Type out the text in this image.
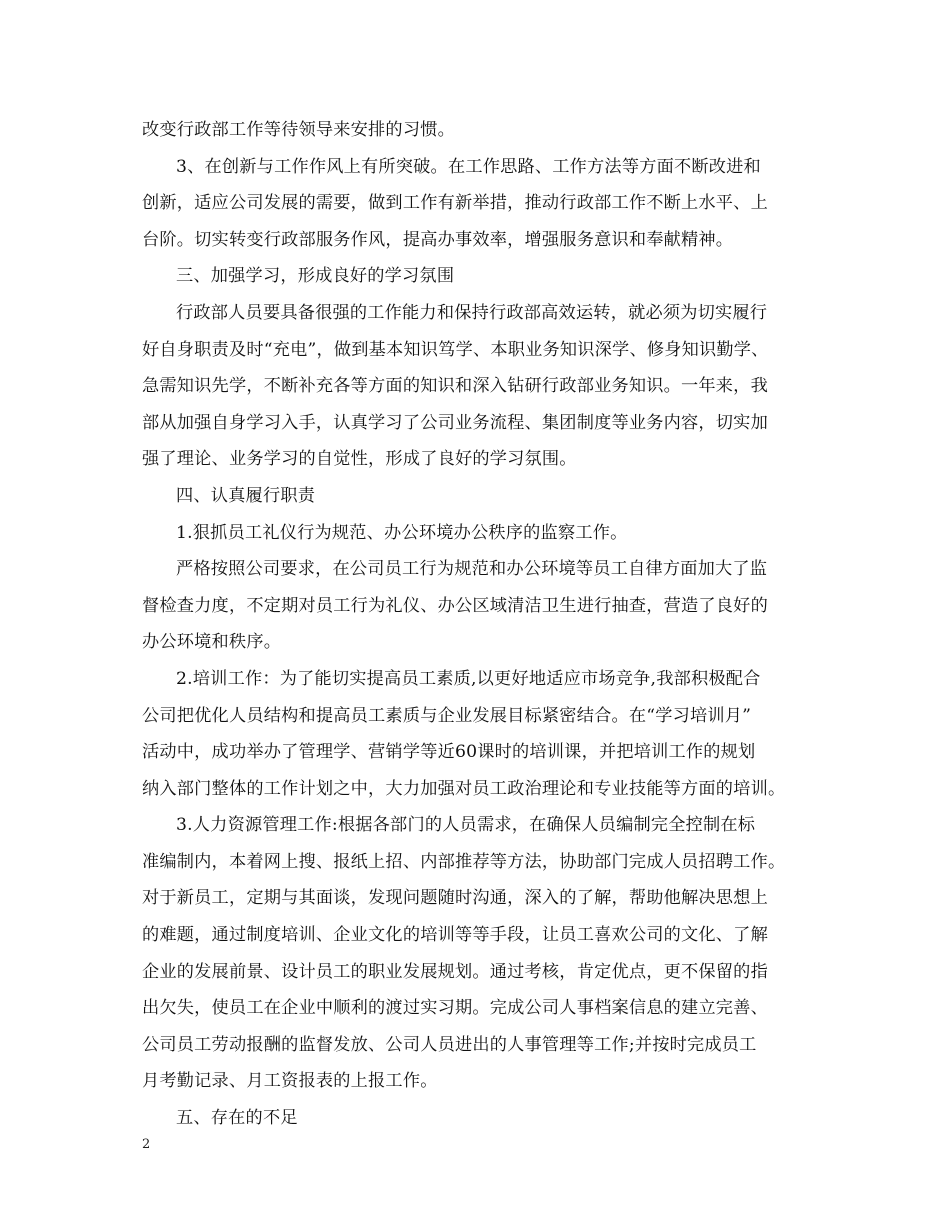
改变行政部工作等待领导来安排的习惯。
3、在创新与工作作风上有所突破。在工作思路、工作方法等方面不断改进和
创新，适应公司发展的需要，做到工作有新举措，推动行政部工作不断上水平、上
台阶。切实转变行政部服务作风，提高办事效率，增强服务意识和奉献精神。
三、加强学习，形成良好的学习氛围
行政部人员要具备很强的工作能力和保持行政部高效运转，就必须为切实履行
好自身职责及时“充电”，做到基本知识笃学、本职业务知识深学、修身知识勤学、
急需知识先学，不断补充各等方面的知识和深入钻研行政部业务知识。一年来，我
部从加强自身学习入手，认真学习了公司业务流程、集团制度等业务内容，切实加
强了理论、业务学习的自觉性，形成了良好的学习氛围。
四、认真履行职责
1.狠抓员工礼仪行为规范、办公环境办公秩序的监察工作。
严格按照公司要求，在公司员工行为规范和办公环境等员工自律方面加大了监
督检查力度，不定期对员工行为礼仪、办公区域清洁卫生进行抽查，营造了良好的
办公环境和秩序。
2.培训工作：为了能切实提高员工素质,以更好地适应市场竞争,我部积极配合
公司把优化人员结构和提高员工素质与企业发展目标紧密结合。在“学习培训月”
活动中，成功举办了管理学、营销学等近60课时的培训课，并把培训工作的规划
纳入部门整体的工作计划之中，大力加强对员工政治理论和专业技能等方面的培训。
3.人力资源管理工作:根据各部门的人员需求，在确保人员编制完全控制在标
准编制内，本着网上搜、报纸上招、内部推荐等方法，协助部门完成人员招聘工作。
对于新员工，定期与其面谈，发现问题随时沟通，深入的了解，帮助他解决思想上
的难题，通过制度培训、企业文化的培训等等手段，让员工喜欢公司的文化、了解
企业的发展前景、设计员工的职业发展规划。通过考核，肯定优点，更不保留的指
出欠失，使员工在企业中顺利的渡过实习期。完成公司人事档案信息的建立完善、
公司员工劳动报酬的监督发放、公司人员进出的人事管理等工作;并按时完成员工
月考勤记录、月工资报表的上报工作。
五、存在的不足
2
